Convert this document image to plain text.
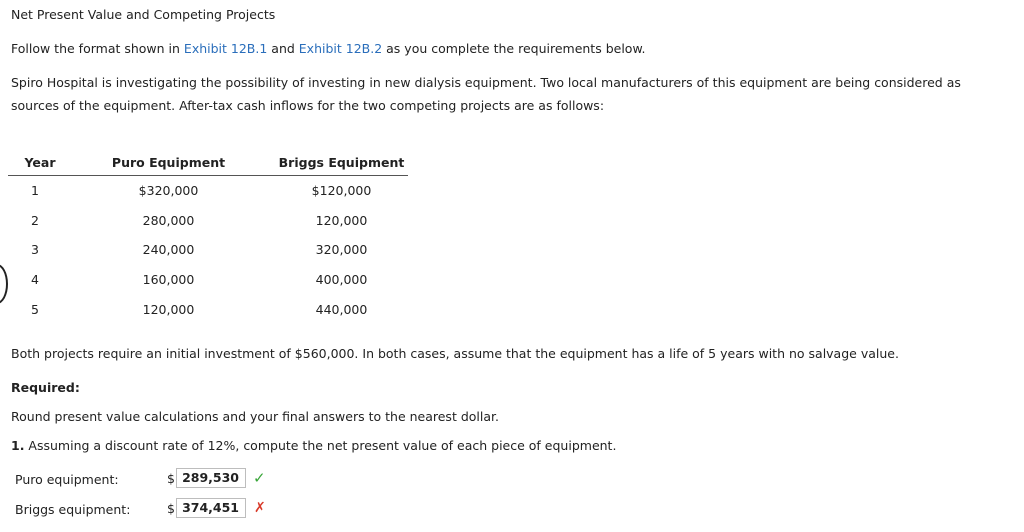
Net Present Value and Competing Projects
Follow the format shown in Exhibit 12B.1 and Exhibit 12B.2 as you complete the requirements below.
Spiro Hospital is investigating the possibility of investing in new dialysis equipment. Two local manufacturers of this equipment are being considered as sources of the equipment. After-tax cash inflows for the two competing projects are as follows:
Year	Puro Equipment	Briggs Equipment
1	$320,000	$120,000
2	280,000	120,000
3	240,000	320,000
4	160,000	400,000
5	120,000	440,000
Both projects require an initial investment of $560,000. In both cases, assume that the equipment has a life of 5 years with no salvage value.
Required:
Round present value calculations and your final answers to the nearest dollar.
1. Assuming a discount rate of 12%, compute the net present value of each piece of equipment.
Puro equipment:	$ 289,530 ✓
Briggs equipment:	$ 374,451	✗
